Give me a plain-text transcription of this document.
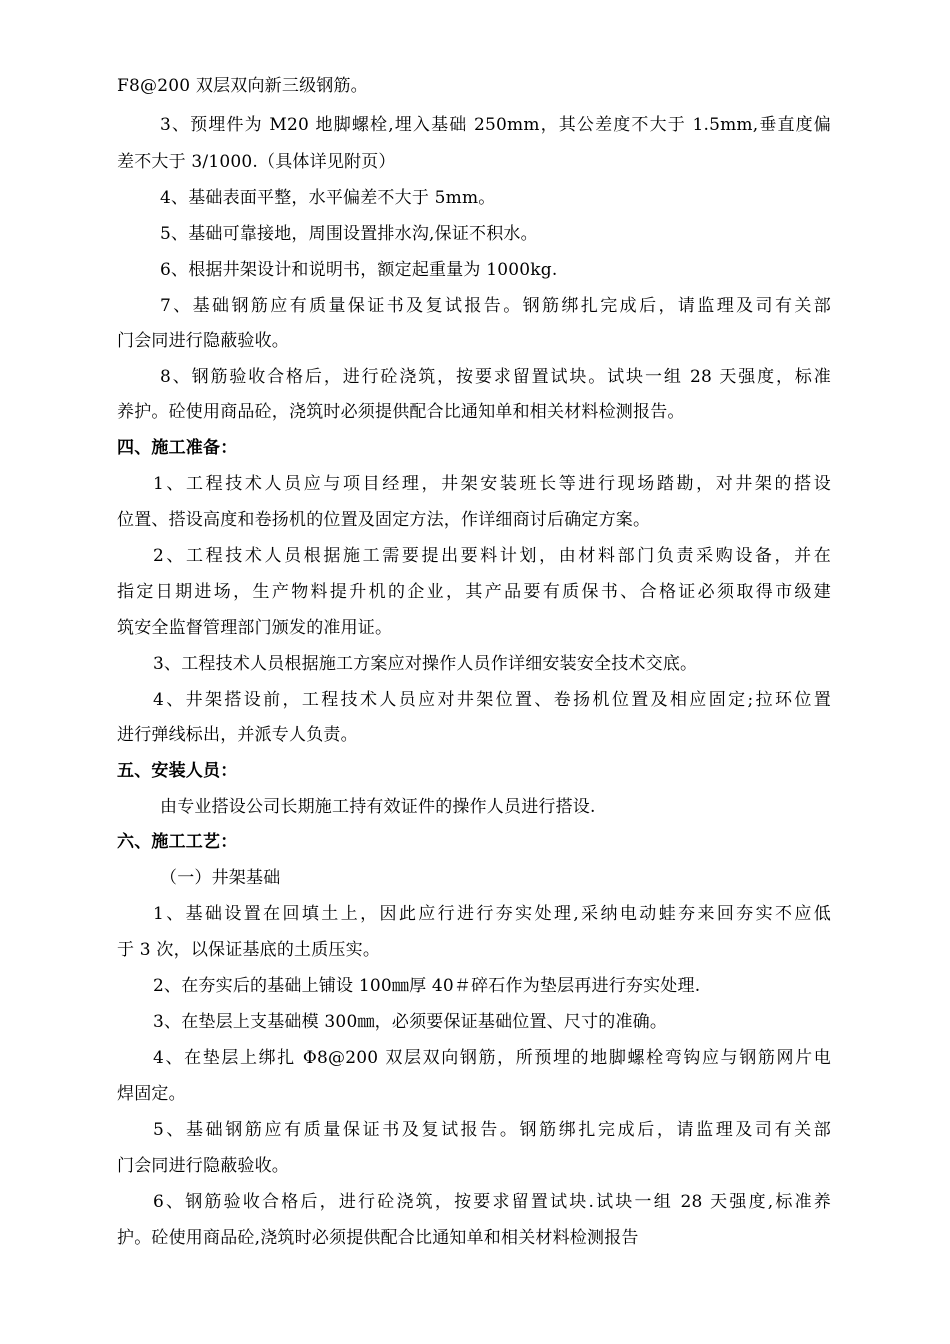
F8@200 双层双向新三级钢筋。
3、预埋件为 M20 地脚螺栓,埋入基础 250mm，其公差度不大于 1.5mm,垂直度偏
差不大于 3/1000.（具体详见附页）
4、基础表面平整，水平偏差不大于 5mm。
5、基础可靠接地，周围设置排水沟,保证不积水。
6、根据井架设计和说明书，额定起重量为 1000kg.
7、基础钢筋应有质量保证书及复试报告。钢筋绑扎完成后，请监理及司有关部
门会同进行隐蔽验收。
8、钢筋验收合格后，进行砼浇筑，按要求留置试块。试块一组 28 天强度，标准
养护。砼使用商品砼，浇筑时必须提供配合比通知单和相关材料检测报告。
四、施工准备：
1、工程技术人员应与项目经理，井架安装班长等进行现场踏勘，对井架的搭设
位置、搭设高度和卷扬机的位置及固定方法，作详细商讨后确定方案。
2、工程技术人员根据施工需要提出要料计划，由材料部门负责采购设备，并在
指定日期进场，生产物料提升机的企业，其产品要有质保书、合格证必须取得市级建
筑安全监督管理部门颁发的准用证。
3、工程技术人员根据施工方案应对操作人员作详细安装安全技术交底。
4、井架搭设前，工程技术人员应对井架位置、卷扬机位置及相应固定;拉环位置
进行弹线标出，并派专人负责。
五、安装人员：
由专业搭设公司长期施工持有效证件的操作人员进行搭设.
六、施工工艺：
（一）井架基础
1、基础设置在回填土上，因此应行进行夯实处理,采纳电动蛙夯来回夯实不应低
于 3 次，以保证基底的土质压实。
2、在夯实后的基础上铺设 100㎜厚 40＃碎石作为垫层再进行夯实处理.
3、在垫层上支基础模 300㎜，必须要保证基础位置、尺寸的准确。
4、在垫层上绑扎 Φ8@200 双层双向钢筋，所预埋的地脚螺栓弯钩应与钢筋网片电
焊固定。
5、基础钢筋应有质量保证书及复试报告。钢筋绑扎完成后，请监理及司有关部
门会同进行隐蔽验收。
6、钢筋验收合格后，进行砼浇筑，按要求留置试块.试块一组 28 天强度,标准养
护。砼使用商品砼,浇筑时必须提供配合比通知单和相关材料检测报告
